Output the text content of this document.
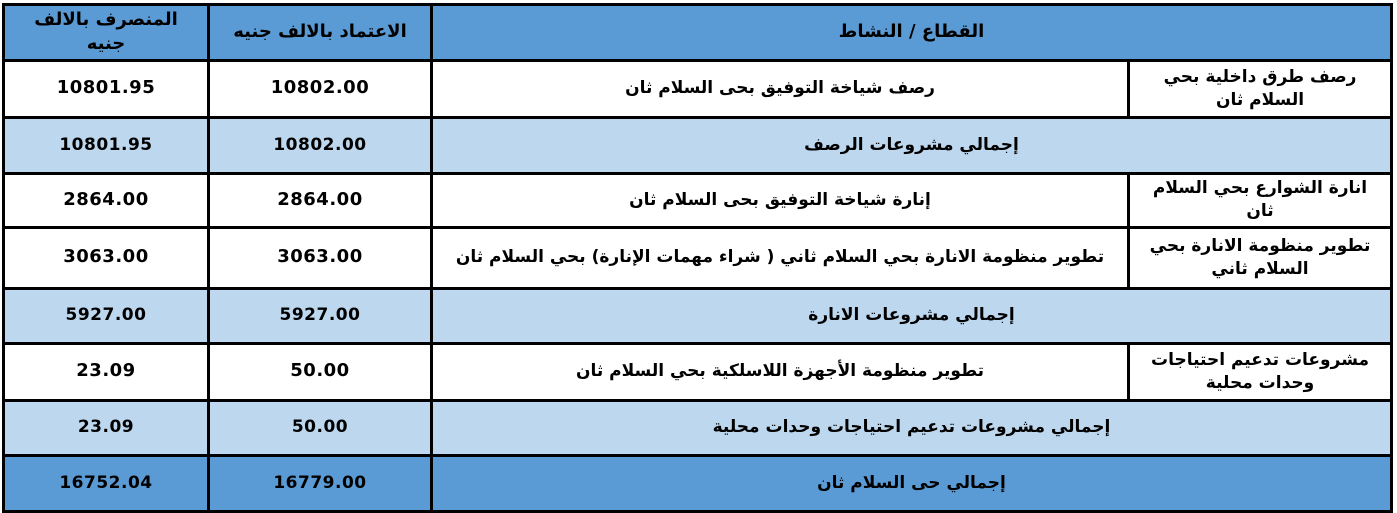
القطاع / النشاط		الاعتماد بالالف جنيه	المنصرف بالالف جنيه
رصف طرق داخلية بحي السلام ثان	رصف شياخة التوفيق بحى السلام ثان	10802.00	10801.95
إجمالي مشروعات الرصف		10802.00	10801.95
انارة الشوارع بحي السلام ثان	إنارة شياخة التوفيق بحى السلام ثان	2864.00	2864.00
تطوير منظومة الانارة بحي السلام ثاني	تطوير منظومة الانارة بحي السلام ثاني ( شراء مهمات الإنارة) بحي السلام ثان	3063.00	3063.00
إجمالي مشروعات الانارة		5927.00	5927.00
مشروعات تدعيم احتياجات وحدات محلية	تطوير منظومة الأجهزة اللاسلكية بحي السلام ثان	50.00	23.09
إجمالي مشروعات تدعيم احتياجات وحدات محلية		50.00	23.09
إجمالي حى السلام ثان		16779.00	16752.04
